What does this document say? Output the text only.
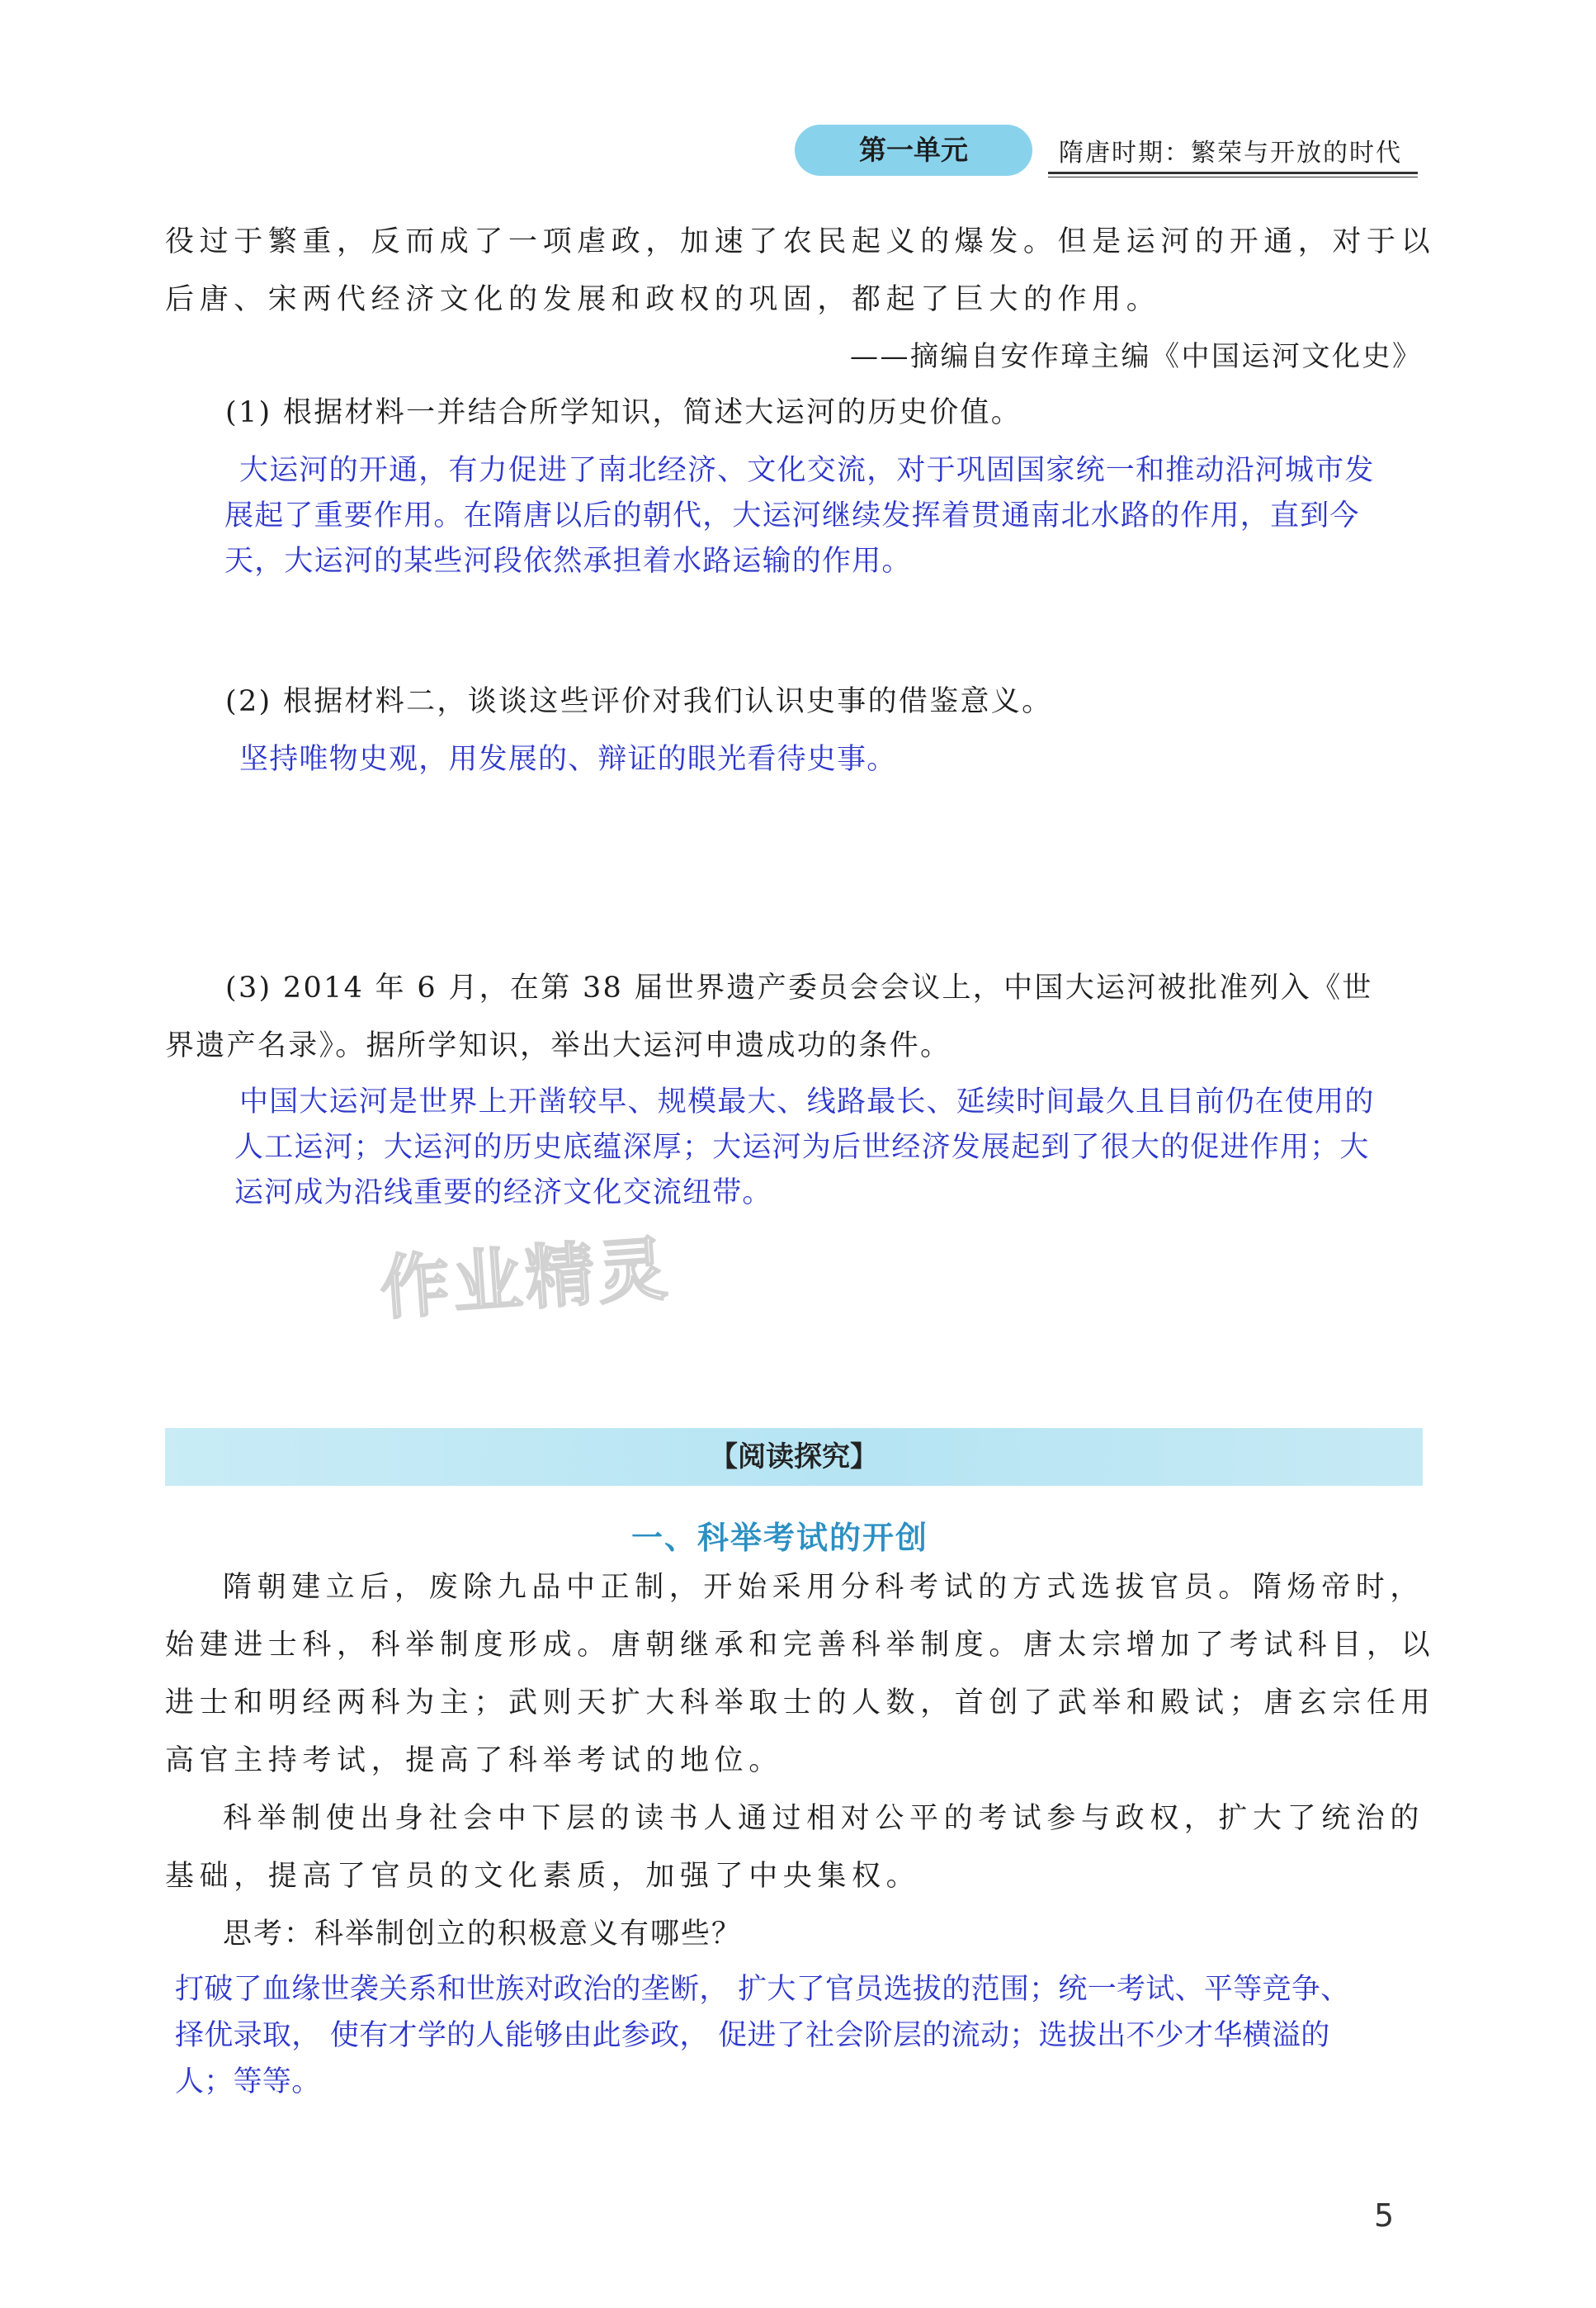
第一单元	隋唐时期：繁荣与开放的时代
役过于繁重，反而成了一项虐政，加速了农民起义的爆发。但是运河的开通，对于以
后唐、宋两代经济文化的发展和政权的巩固，都起了巨大的作用。
——摘编自安作璋主编《中国运河文化史》
(1) 根据材料一并结合所学知识，简述大运河的历史价值。
大运河的开通，有力促进了南北经济、文化交流，对于巩固国家统一和推动沿河城市发
展起了重要作用。在隋唐以后的朝代，大运河继续发挥着贯通南北水路的作用，直到今
天，大运河的某些河段依然承担着水路运输的作用。
(2) 根据材料二，谈谈这些评价对我们认识史事的借鉴意义。
坚持唯物史观，用发展的、辩证的眼光看待史事。
(3) 2014 年 6 月，在第 38 届世界遗产委员会会议上，中国大运河被批准列入《世
界遗产名录》。据所学知识，举出大运河申遗成功的条件。
中国大运河是世界上开凿较早、规模最大、线路最长、延续时间最久且目前仍在使用的
人工运河；大运河的历史底蕴深厚；大运河为后世经济发展起到了很大的促进作用；大
运河成为沿线重要的经济文化交流纽带。
作业精灵
【阅读探究】
一、科举考试的开创
隋朝建立后，废除九品中正制，开始采用分科考试的方式选拔官员。隋炀帝时，
始建进士科，科举制度形成。唐朝继承和完善科举制度。唐太宗增加了考试科目，以
进士和明经两科为主；武则天扩大科举取士的人数，首创了武举和殿试；唐玄宗任用
高官主持考试，提高了科举考试的地位。
科举制使出身社会中下层的读书人通过相对公平的考试参与政权，扩大了统治的
基础，提高了官员的文化素质，加强了中央集权。
思考：科举制创立的积极意义有哪些？
打破了血缘世袭关系和世族对政治的垄断， 扩大了官员选拔的范围；统一考试、平等竞争、
择优录取， 使有才学的人能够由此参政， 促进了社会阶层的流动；选拔出不少才华横溢的
人；等等。
5
